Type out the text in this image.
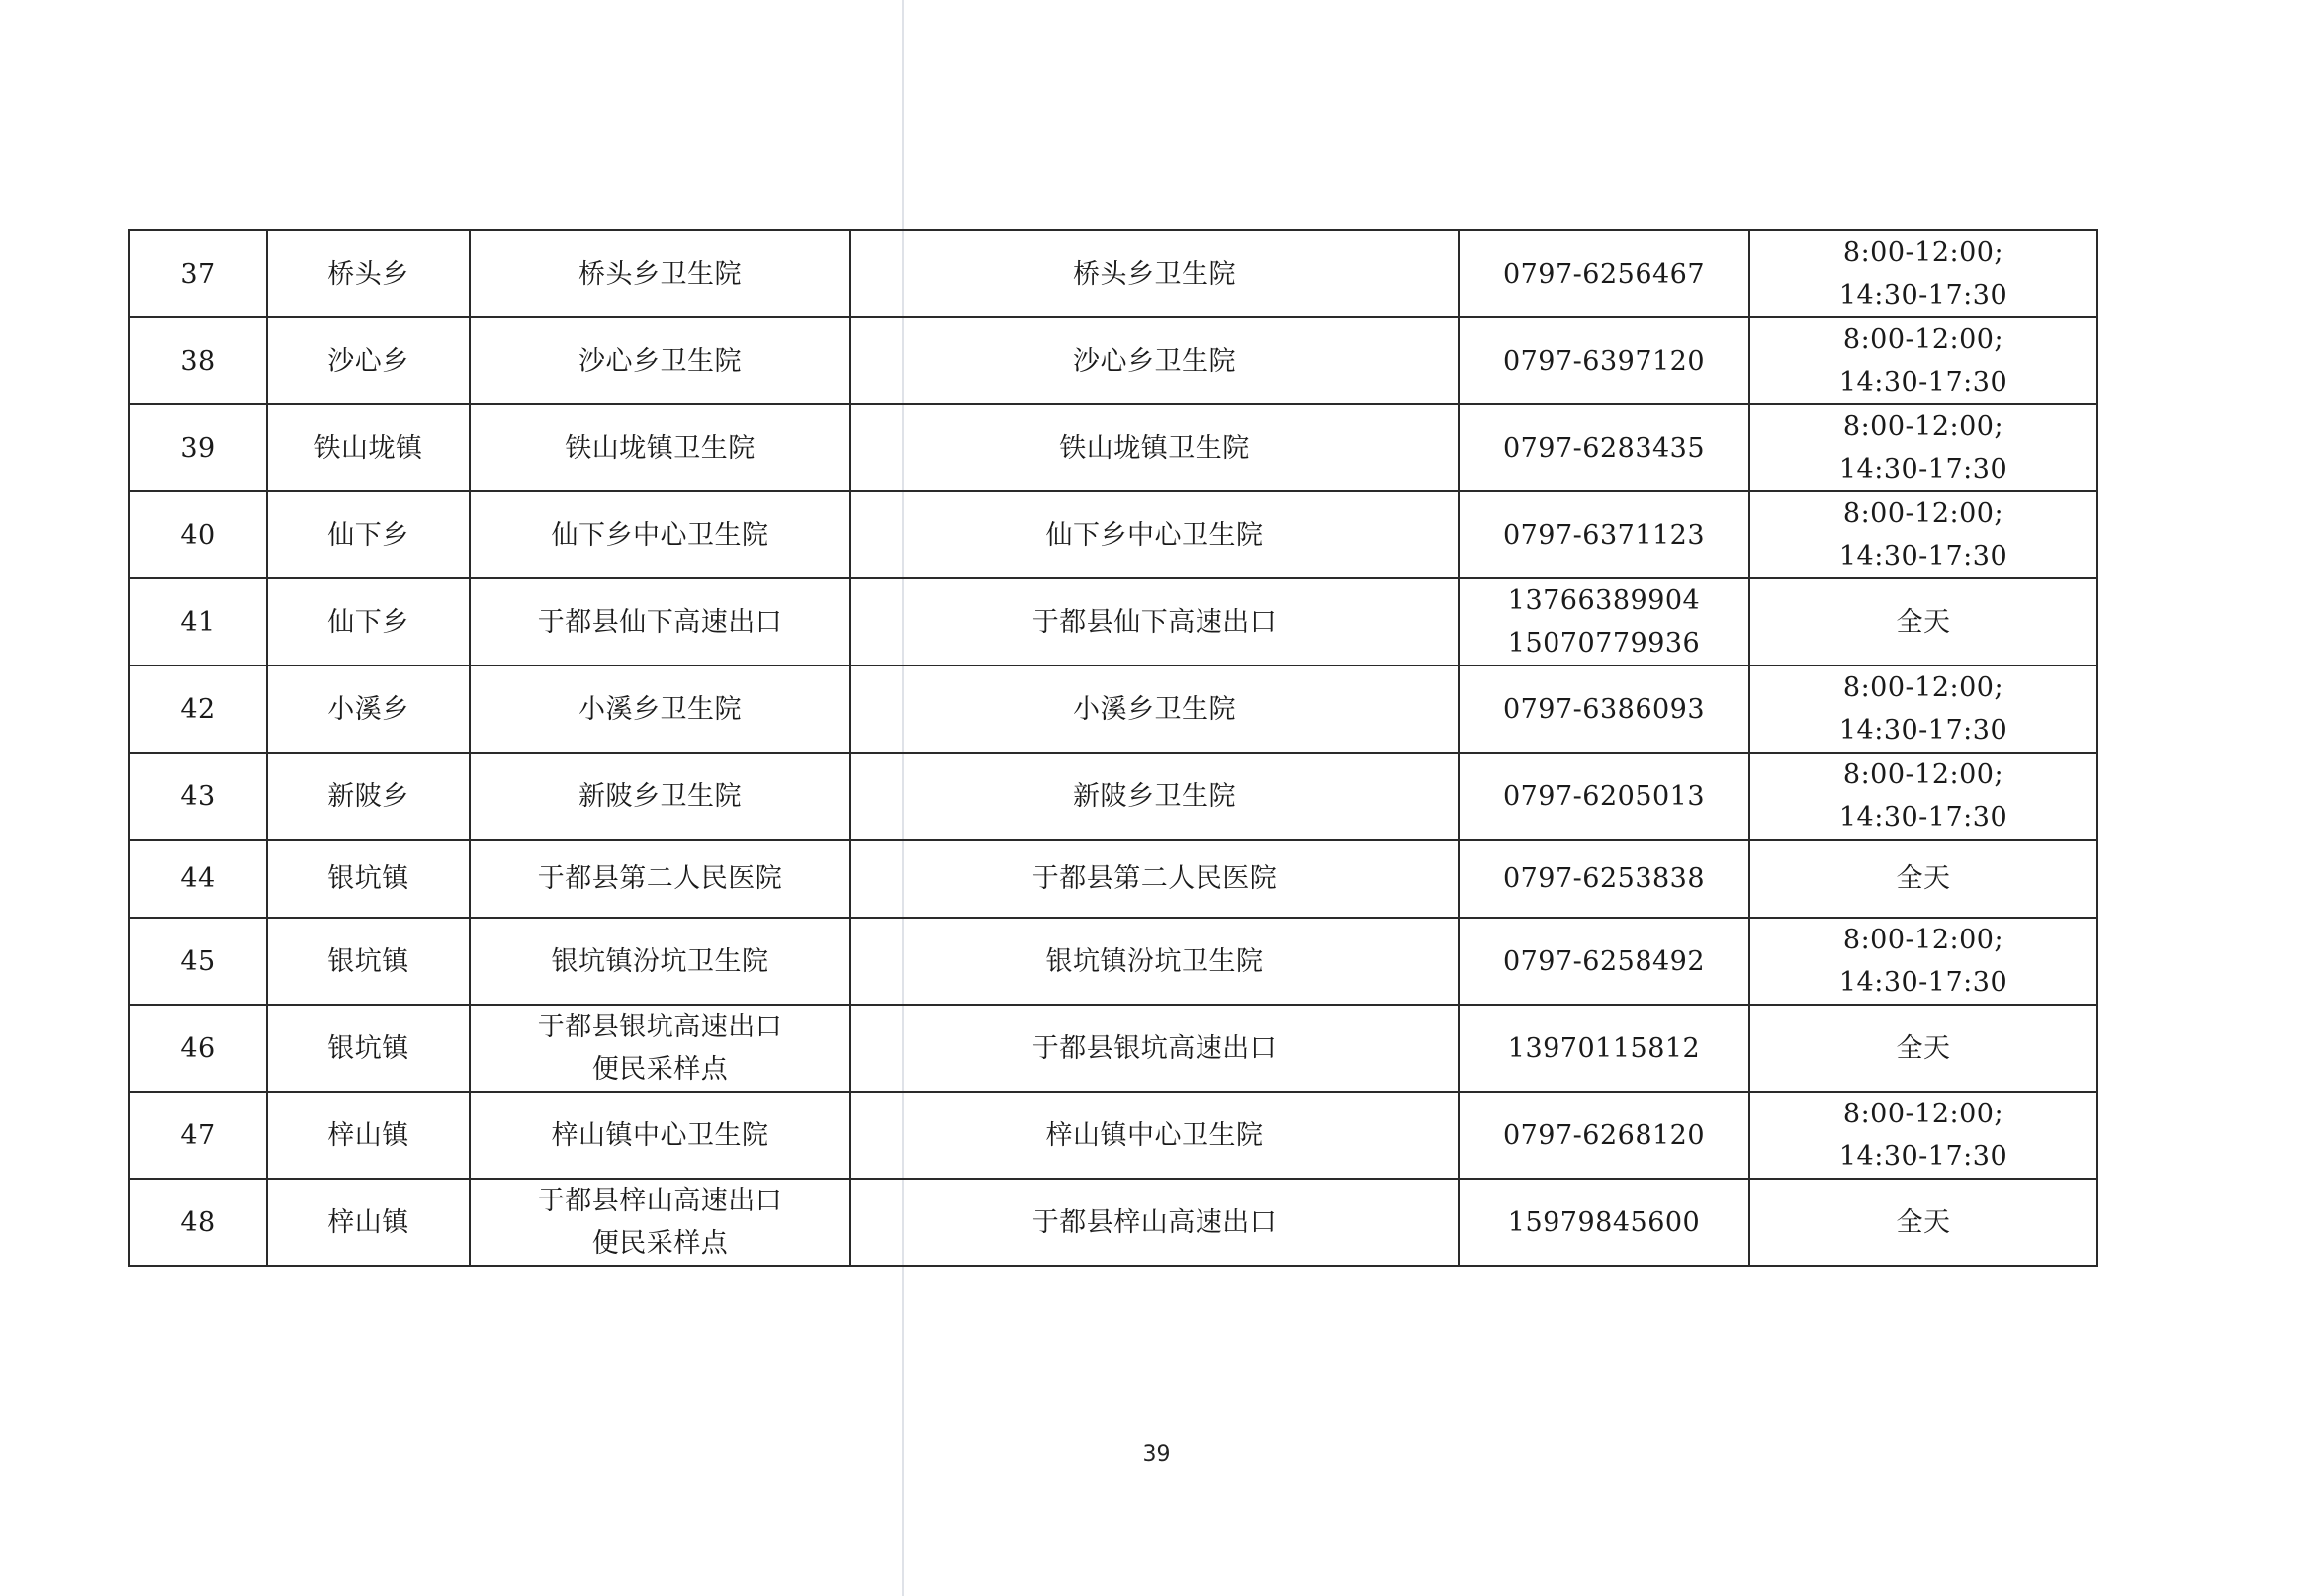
37	桥头乡	桥头乡卫生院	桥头乡卫生院	0797-6256467	8:00-12:00;
14:30-17:30
38	沙心乡	沙心乡卫生院	沙心乡卫生院	0797-6397120	8:00-12:00;
14:30-17:30
39	铁山垅镇	铁山垅镇卫生院	铁山垅镇卫生院	0797-6283435	8:00-12:00;
14:30-17:30
40	仙下乡	仙下乡中心卫生院	仙下乡中心卫生院	0797-6371123	8:00-12:00;
14:30-17:30
41	仙下乡	于都县仙下高速出口	于都县仙下高速出口	13766389904
15070779936	全天
42	小溪乡	小溪乡卫生院	小溪乡卫生院	0797-6386093	8:00-12:00;
14:30-17:30
43	新陂乡	新陂乡卫生院	新陂乡卫生院	0797-6205013	8:00-12:00;
14:30-17:30
44	银坑镇	于都县第二人民医院	于都县第二人民医院	0797-6253838	全天
45	银坑镇	银坑镇汾坑卫生院	银坑镇汾坑卫生院	0797-6258492	8:00-12:00;
14:30-17:30
46	银坑镇	于都县银坑高速出口
便民采样点	于都县银坑高速出口	13970115812	全天
47	梓山镇	梓山镇中心卫生院	梓山镇中心卫生院	0797-6268120	8:00-12:00;
14:30-17:30
48	梓山镇	于都县梓山高速出口
便民采样点	于都县梓山高速出口	15979845600	全天
39
